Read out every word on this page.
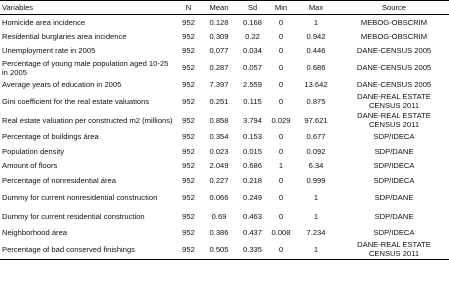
Variables	N	Mean	Sd	Min	Max	Source
Homicide area incidence	952	0.128	0.168	0	1	MEBOG-OBSCRIM
Residential burglaries area incidence	952	0.309	0.22	0	0.942	MEBOG-OBSCRIM
Unemployment rate in 2005	952	0.077	0.034	0	0.446	DANE-CENSUS 2005
Percentage of young male population aged 10-25 in 2005	952	0.287	0.057	0	0.686	DANE-CENSUS 2005
Average years of education in 2005	952	7.397	2.559	0	13.642	DANE-CENSUS 2005
Gini coefficient for the real estate valuations	952	0.251	0.115	0	0.875	DANE-REAL ESTATE CENSUS 2011
Real estate valuation per constructed m2 (millions)	952	0.858	3.794	0.029	97.621	DANE-REAL ESTATE CENSUS 2011
Percentage of buildings área	952	0.354	0.153	0	0.677	SDP/IDECA
Population density	952	0.023	0.015	0	0.092	SDP/DANE
Amount of floors	952	2.049	0.686	1	6.34	SDP/IDECA
Percentage of nonresidential área	952	0.227	0.218	0	0.999	SDP/IDECA
Dummy for current nonresidential construction	952	0.066	0.249	0	1	SDP/DANE
Dummy for current residential construction	952	0.69	0.463	0	1	SDP/DANE
Neighborhood área	952	0.386	0.437	0.008	7.234	SDP/IDECA
Percentage of bad conserved finishings	952	0.505	0.335	0	1	DANE-REAL ESTATE CENSUS 2011
